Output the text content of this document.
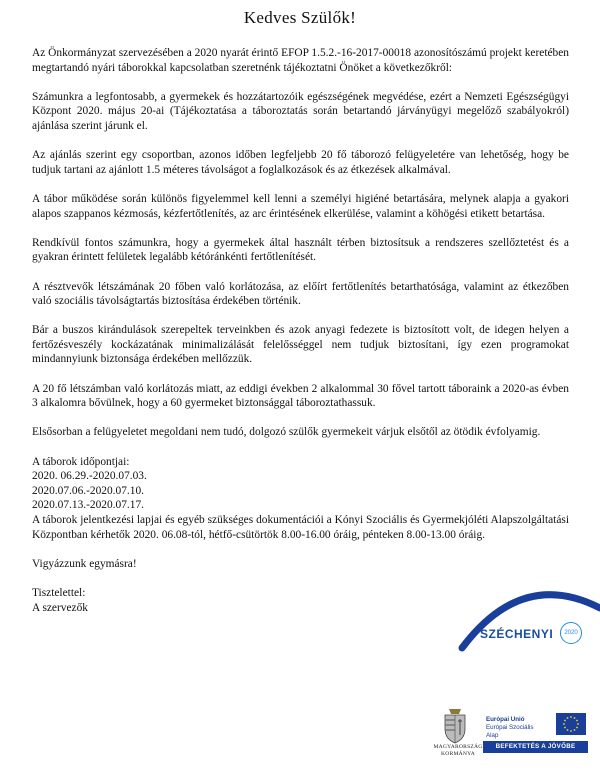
Kedves Szülők!

Az Önkormányzat szervezésében a 2020 nyarát érintő EFOP 1.5.2.-16-2017-00018 azonosítószámú projekt keretében megtartandó nyári táborokkal kapcsolatban szeretnénk tájékoztatni Önöket a következőkről:

Számunkra a legfontosabb, a gyermekek és hozzátartozóik egészségének megvédése, ezért a Nemzeti Egészségügyi Központ 2020. május 20-ai (Tájékoztatása a táboroztatás során betartandó járványügyi megelőző szabályokról) ajánlása szerint járunk el.

Az ajánlás szerint egy csoportban, azonos időben legfeljebb 20 fő táborozó felügyeletére van lehetőség, hogy be tudjuk tartani az ajánlott 1.5 méteres távolságot a foglalkozások és az étkezések alkalmával.

A tábor működése során különös figyelemmel kell lenni a személyi higiéné betartására, melynek alapja a gyakori alapos szappanos kézmosás, kézfertőtlenítés, az arc érintésének elkerülése, valamint a köhögési etikett betartása.

Rendkívül fontos számunkra, hogy a gyermekek által használt térben biztosítsuk a rendszeres szellőztetést és a gyakran érintett felületek legalább kétóránkénti fertőtlenítését.

A résztvevők létszámának 20 főben való korlátozása, az előírt fertőtlenítés betarthatósága, valamint az étkezőben való szociális távolságtartás biztosítása érdekében történik.

Bár a buszos kirándulások szerepeltek terveinkben és azok anyagi fedezete is biztosított volt, de idegen helyen a fertőzésveszély kockázatának minimalizálását felelősséggel nem tudjuk biztosítani, így ezen programokat mindannyiunk biztonsága érdekében mellőzzük.

A 20 fő létszámban való korlátozás miatt, az eddigi években 2 alkalommal 30 fővel tartott táboraink a 2020-as évben 3 alkalomra bővülnek, hogy a 60 gyermeket biztonsággal táboroztathassuk.

Elsősorban a felügyeletet megoldani nem tudó, dolgozó szülők gyermekeit várjuk elsőtől az ötödik évfolyamig.

A táborok időpontjai:
2020. 06.29.-2020.07.03.
2020.07.06.-2020.07.10.
2020.07.13.-2020.07.17.
A táborok jelentkezési lapjai és egyéb szükséges dokumentációi a Kónyi Szociális és Gyermekjóléti Alapszolgáltatási Központban kérhetők 2020. 06.08-tól, hétfő-csütörtök 8.00-16.00 óráig, pénteken 8.00-13.00 óráig.
Vigyázzunk egymásra!
Tisztelettel:
A szervezők
SZÉCHENYI	2020
MAGYARORSZÁG
KORMÁNYA
Európai Unió
Európai Szociális
Alap
BEFEKTETÉS A JÖVŐBE
